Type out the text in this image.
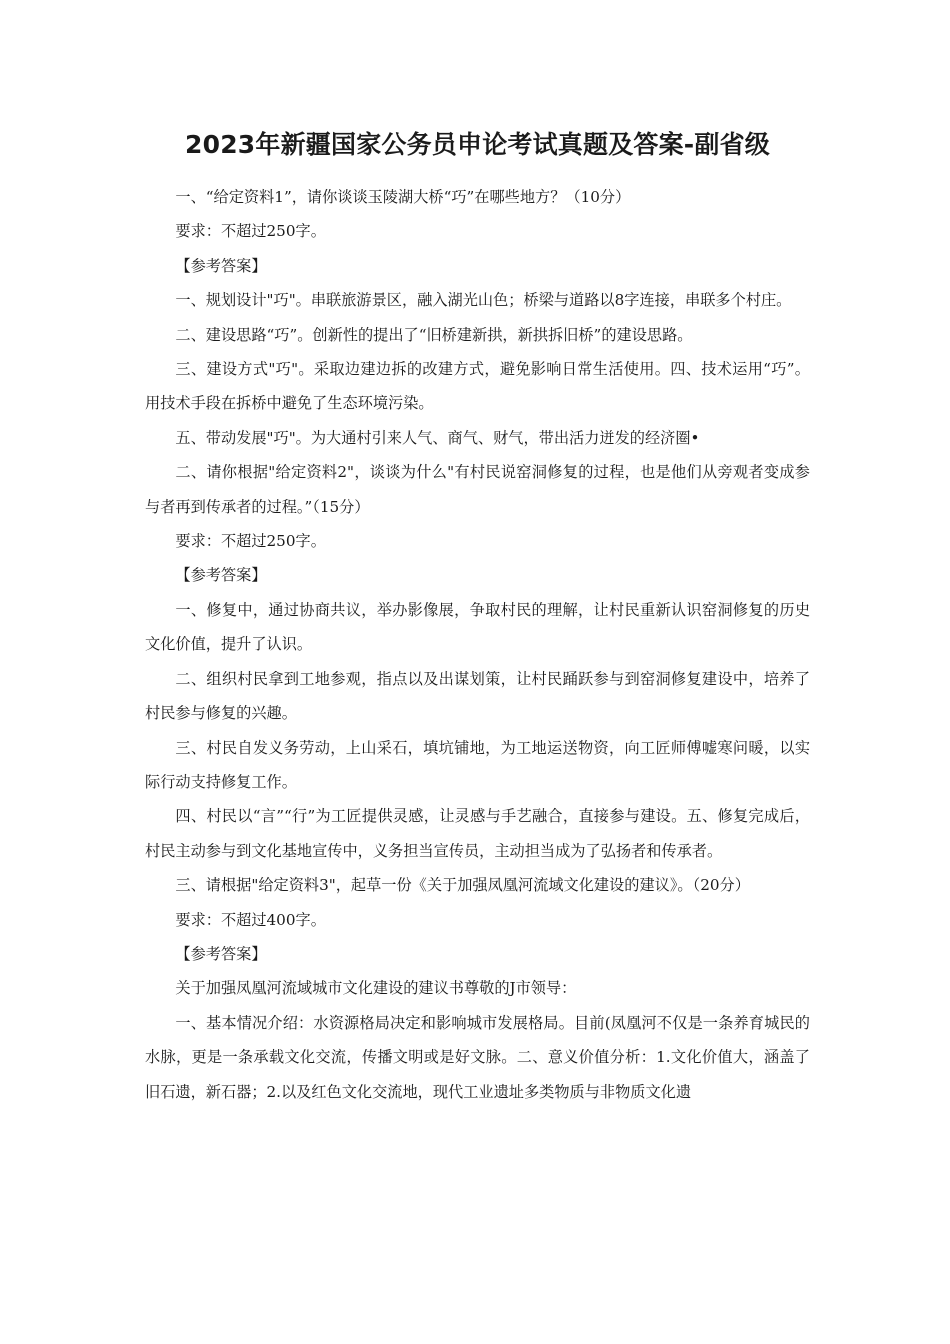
2023年新疆国家公务员申论考试真题及答案-副省级

一、“给定资料1”，请你谈谈玉陵湖大桥“巧”在哪些地方？（10分）

要求：不超过250字。

【参考答案】

一、规划设计"巧"。串联旅游景区，融入湖光山色；桥梁与道路以8字连接，串联多个村庄。

二、建设思路“巧”。创新性的提出了“旧桥建新拱，新拱拆旧桥”的建设思路。

三、建设方式"巧"。采取边建边拆的改建方式，避免影响日常生活使用。四、技术运用“巧”。用技术手段在拆桥中避免了生态环境污染。

五、带动发展"巧"。为大通村引来人气、商气、财气，带出活力迸发的经济圈•

二、请你根据"给定资料2"，谈谈为什么"有村民说窑洞修复的过程，也是他们从旁观者变成参与者再到传承者的过程。”（15分）

要求：不超过250字。

【参考答案】

一、修复中，通过协商共议，举办影像展，争取村民的理解，让村民重新认识窑洞修复的历史文化价值，提升了认识。

二、组织村民拿到工地参观，指点以及出谋划策，让村民踊跃参与到窑洞修复建设中，培养了村民参与修复的兴趣。

三、村民自发义务劳动，上山采石，填坑铺地，为工地运送物资，向工匠师傅嘘寒问暖，以实际行动支持修复工作。

四、村民以“言”“行”为工匠提供灵感，让灵感与手艺融合，直接参与建设。五、修复完成后，村民主动参与到文化基地宣传中，义务担当宣传员，主动担当成为了弘扬者和传承者。

三、请根据"给定资料3"，起草一份《关于加强凤凰河流域文化建设的建议》。（20分）

要求：不超过400字。

【参考答案】

关于加强凤凰河流域城市文化建设的建议书尊敬的J市领导：

一、基本情况介绍：水资源格局决定和影响城市发展格局。目前(凤凰河不仅是一条养育城民的水脉，更是一条承载文化交流，传播文明或是好文脉。二、意义价值分析：1.文化价值大，涵盖了旧石遗，新石器；2.以及红色文化交流地，现代工业遗址多类物质与非物质文化遗
